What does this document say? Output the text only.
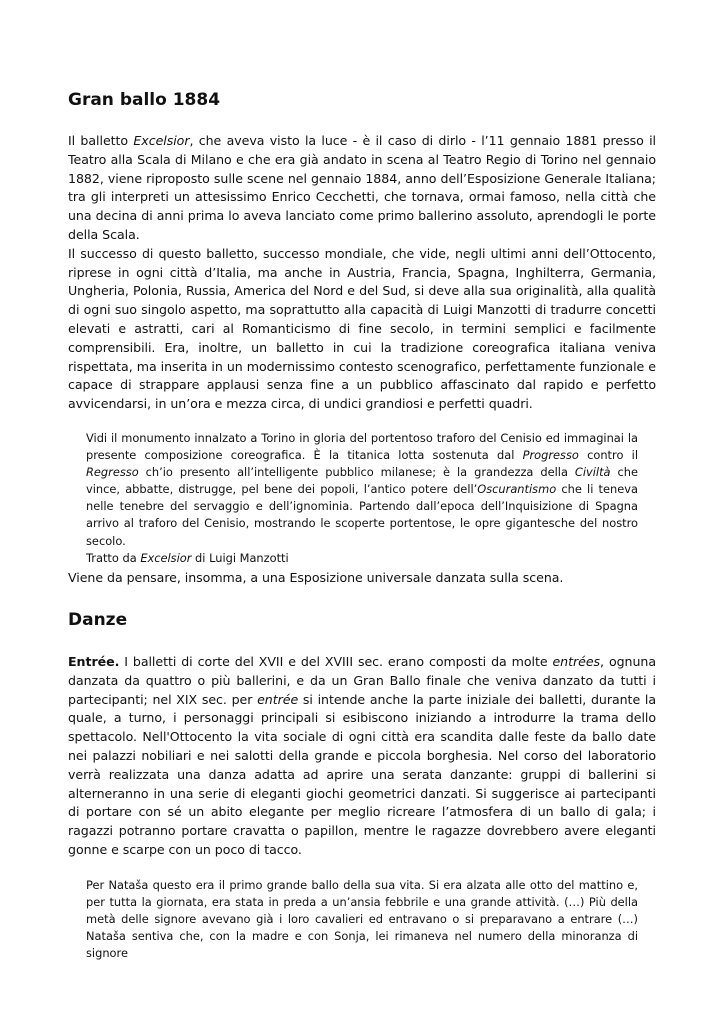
Gran ballo 1884

Il balletto Excelsior, che aveva visto la luce - è il caso di dirlo - l’11 gennaio 1881 presso il Teatro alla Scala di Milano e che era già andato in scena al Teatro Regio di Torino nel gennaio 1882, viene riproposto sulle scene nel gennaio 1884, anno dell’Esposizione Generale Italiana; tra gli interpreti un attesissimo Enrico Cecchetti, che tornava, ormai famoso, nella città che una decina di anni prima lo aveva lanciato come primo ballerino assoluto, aprendogli le porte della Scala.

Il successo di questo balletto, successo mondiale, che vide, negli ultimi anni dell’Ottocento, riprese in ogni città d’Italia, ma anche in Austria, Francia, Spagna, Inghilterra, Germania, Ungheria, Polonia, Russia, America del Nord e del Sud, si deve alla sua originalità, alla qualità di ogni suo singolo aspetto, ma soprattutto alla capacità di Luigi Manzotti di tradurre concetti elevati e astratti, cari al Romanticismo di fine secolo, in termini semplici e facilmente comprensibili. Era, inoltre, un balletto in cui la tradizione coreografica italiana veniva rispettata, ma inserita in un modernissimo contesto scenografico, perfettamente funzionale e capace di strappare applausi senza fine a un pubblico affascinato dal rapido e perfetto avvicendarsi, in un’ora e mezza circa, di undici grandiosi e perfetti quadri.

Vidi il monumento innalzato a Torino in gloria del portentoso traforo del Cenisio ed immaginai la presente composizione coreografica. È la titanica lotta sostenuta dal Progresso contro il Regresso ch’io presento all’intelligente pubblico milanese; è la grandezza della Civiltà che vince, abbatte, distrugge, pel bene dei popoli, l’antico potere dell’Oscurantismo che li teneva nelle tenebre del servaggio e dell’ignominia. Partendo dall’epoca dell’Inquisizione di Spagna arrivo al traforo del Cenisio, mostrando le scoperte portentose, le opre gigantesche del nostro secolo.

Tratto da Excelsior di Luigi Manzotti

Viene da pensare, insomma, a una Esposizione universale danzata sulla scena.

Danze

Entrée. I balletti di corte del XVII e del XVIII sec. erano composti da molte entrées, ognuna danzata da quattro o più ballerini, e da un Gran Ballo finale che veniva danzato da tutti i partecipanti; nel XIX sec. per entrée si intende anche la parte iniziale dei balletti, durante la quale, a turno, i personaggi principali si esibiscono iniziando a introdurre la trama dello spettacolo. Nell'Ottocento la vita sociale di ogni città era scandita dalle feste da ballo date nei palazzi nobiliari e nei salotti della grande e piccola borghesia. Nel corso del laboratorio verrà realizzata una danza adatta ad aprire una serata danzante: gruppi di ballerini si alterneranno in una serie di eleganti giochi geometrici danzati. Si suggerisce ai partecipanti di portare con sé un abito elegante per meglio ricreare l’atmosfera di un ballo di gala; i ragazzi potranno portare cravatta o papillon, mentre le ragazze dovrebbero avere eleganti gonne e scarpe con un poco di tacco.

Per Nataša questo era il primo grande ballo della sua vita. Si era alzata alle otto del mattino e, per tutta la giornata, era stata in preda a un’ansia febbrile e una grande attività. (…) Più della metà delle signore avevano già i loro cavalieri ed entravano o si preparavano a entrare (…) Nataša sentiva che, con la madre e con Sonja, lei rimaneva nel numero della minoranza di signore
